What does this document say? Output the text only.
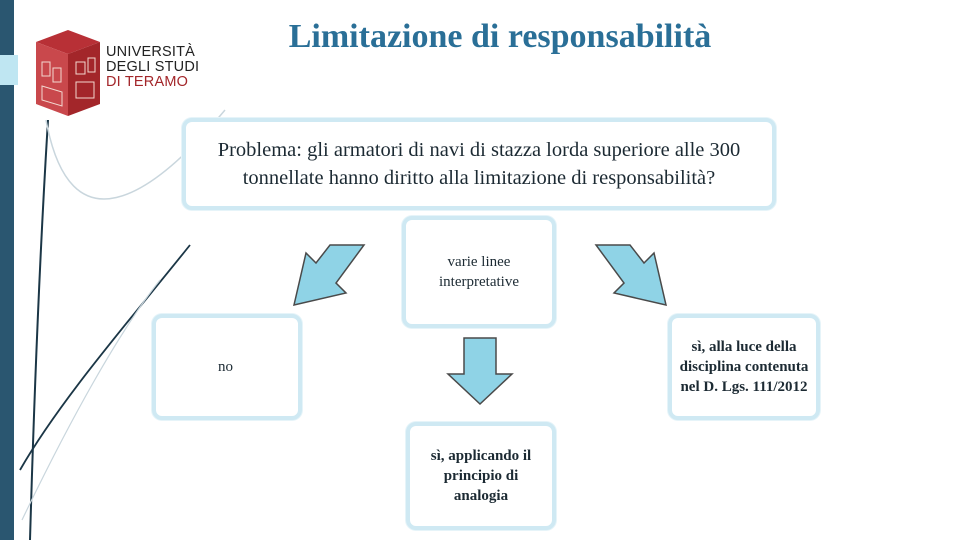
UNIVERSITÀ
DEGLI STUDI
DI TERAMO
Limitazione di responsabilità
Problema: gli armatori di navi di stazza lorda superiore alle 300 tonnellate hanno diritto alla limitazione di responsabilità?
varie linee interpretative
no
sì, alla luce della disciplina contenuta nel D. Lgs. 111/2012
sì, applicando il principio di analogia
